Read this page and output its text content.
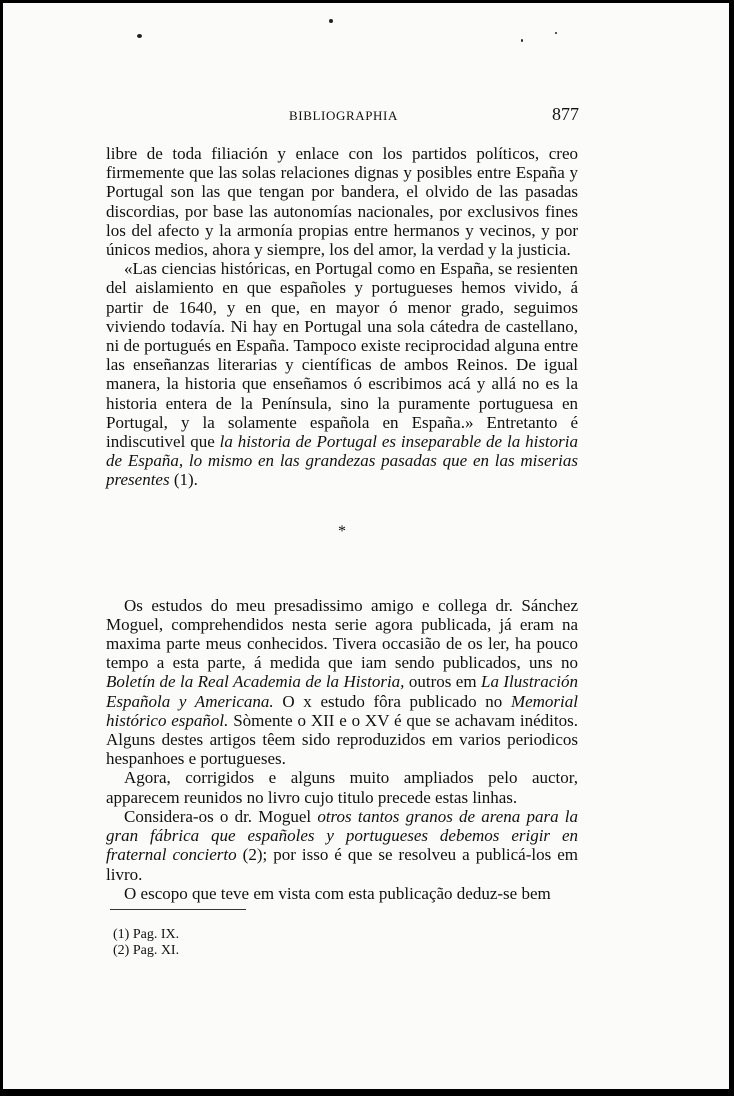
BIBLIOGRAPHIA	877

libre de toda filiación y enlace con los partidos políticos, creo firmemente que las solas relaciones dignas y posibles entre España y Portugal son las que tengan por bandera, el olvido de las pasadas discordias, por base las autonomías nacionales, por exclusivos fines los del afecto y la armonía propias entre hermanos y vecinos, y por únicos medios, ahora y siempre, los del amor, la verdad y la justicia.

«Las ciencias históricas, en Portugal como en España, se resienten del aislamiento en que españoles y portugueses hemos vivido, á partir de 1640, y en que, en mayor ó menor grado, seguimos viviendo todavía. Ni hay en Portugal una sola cátedra de castellano, ni de portugués en España. Tampoco existe reciprocidad alguna entre las enseñanzas literarias y científicas de ambos Reinos. De igual manera, la historia que enseñamos ó escribimos acá y allá no es la historia entera de la Península, sino la puramente portuguesa en Portugal, y la solamente española en España.» Entretanto é indiscutivel que la historia de Portugal es inseparable de la historia de España, lo mismo en las grandezas pasadas que en las miserias presentes (1).

*

Os estudos do meu presadissimo amigo e collega dr. Sánchez Moguel, comprehendidos nesta serie agora publicada, já eram na maxima parte meus conhecidos. Tivera occasião de os ler, ha pouco tempo a esta parte, á medida que iam sendo publicados, uns no Boletín de la Real Academia de la Historia, outros em La Ilustración Española y Americana. O x estudo fôra publicado no Memorial histórico español. Sòmente o XII e o XV é que se achavam inéditos. Alguns destes artigos têem sido reproduzidos em varios periodicos hespanhoes e portugueses.

Agora, corrigidos e alguns muito ampliados pelo auctor, apparecem reunidos no livro cujo titulo precede estas linhas.

Considera-os o dr. Moguel otros tantos granos de arena para la gran fábrica que españoles y portugueses debemos erigir en fraternal concierto (2); por isso é que se resolveu a publicá-los em livro.

O escopo que teve em vista com esta publicação deduz-se bem

(1) Pag. IX.
(2) Pag. XI.
